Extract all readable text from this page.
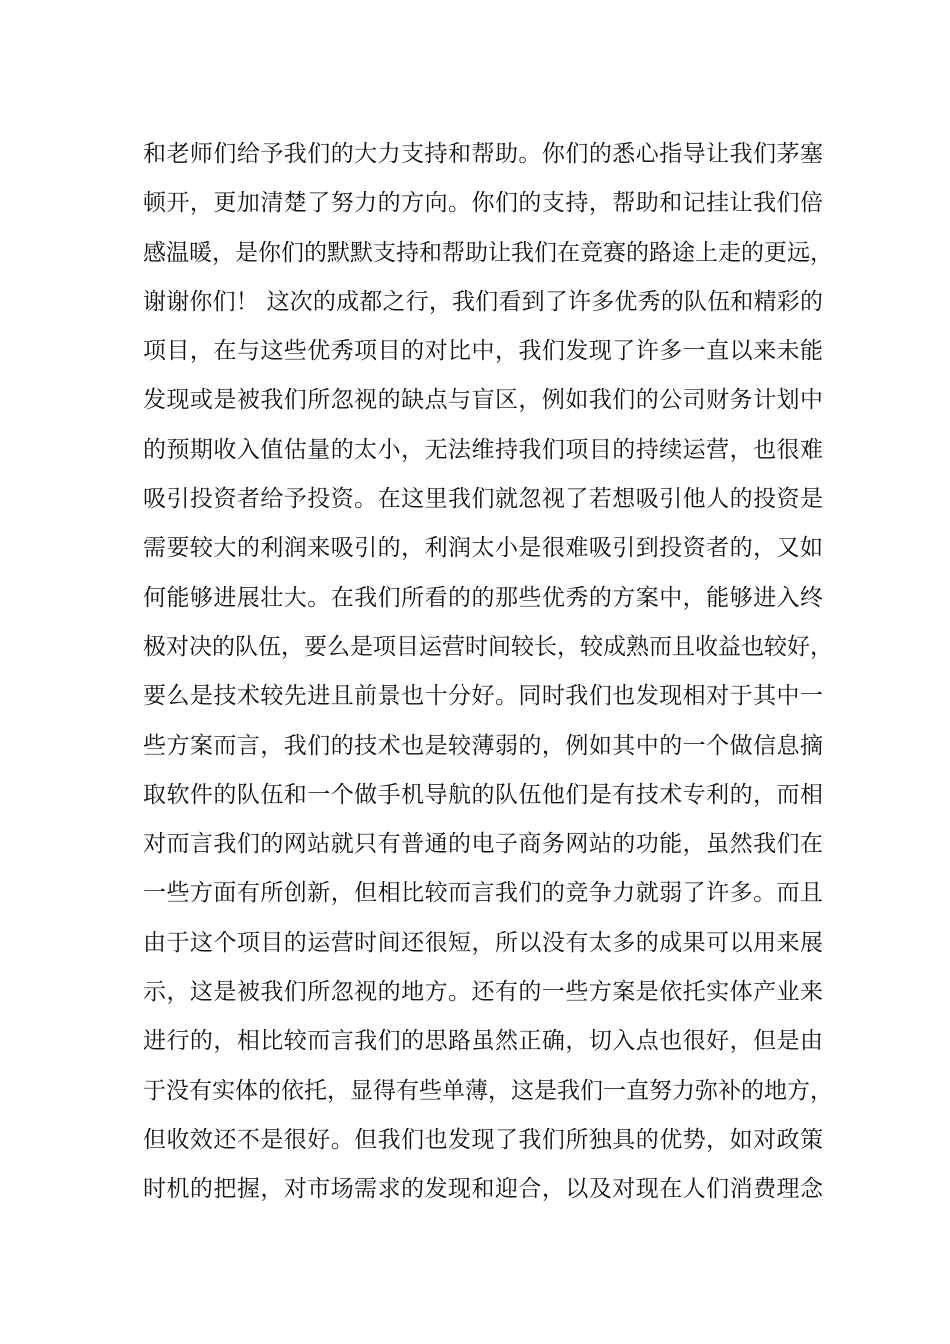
和老师们给予我们的大力支持和帮助。你们的悉心指导让我们茅塞
顿开，更加清楚了努力的方向。你们的支持，帮助和记挂让我们倍
感温暖，是你们的默默支持和帮助让我们在竞赛的路途上走的更远，
谢谢你们！ 这次的成都之行，我们看到了许多优秀的队伍和精彩的
项目，在与这些优秀项目的对比中，我们发现了许多一直以来未能
发现或是被我们所忽视的缺点与盲区，例如我们的公司财务计划中
的预期收入值估量的太小，无法维持我们项目的持续运营，也很难
吸引投资者给予投资。在这里我们就忽视了若想吸引他人的投资是
需要较大的利润来吸引的，利润太小是很难吸引到投资者的，又如
何能够进展壮大。在我们所看的的那些优秀的方案中，能够进入终
极对决的队伍，要么是项目运营时间较长，较成熟而且收益也较好，
要么是技术较先进且前景也十分好。同时我们也发现相对于其中一
些方案而言，我们的技术也是较薄弱的，例如其中的一个做信息摘
取软件的队伍和一个做手机导航的队伍他们是有技术专利的，而相
对而言我们的网站就只有普通的电子商务网站的功能，虽然我们在
一些方面有所创新，但相比较而言我们的竞争力就弱了许多。而且
由于这个项目的运营时间还很短，所以没有太多的成果可以用来展
示，这是被我们所忽视的地方。还有的一些方案是依托实体产业来
进行的，相比较而言我们的思路虽然正确，切入点也很好，但是由
于没有实体的依托，显得有些单薄，这是我们一直努力弥补的地方，
但收效还不是很好。但我们也发现了我们所独具的优势，如对政策
时机的把握，对市场需求的发现和迎合，以及对现在人们消费理念
